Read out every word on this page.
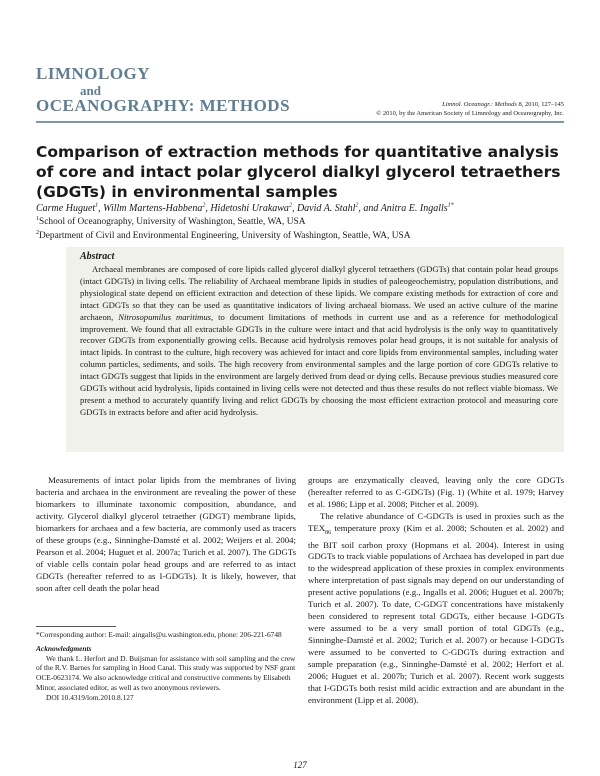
LIMNOLOGY
and
OCEANOGRAPHY: METHODS	Limnol. Oceanogr.: Methods 8, 2010, 127–145
© 2010, by the American Society of Limnology and Oceanography, Inc.
Comparison of extraction methods for quantitative analysis of core and intact polar glycerol dialkyl glycerol tetraethers (GDGTs) in environmental samples
Carme Huguet$^1$, Willm Martens-Habbena$^2$, Hidetoshi Urakawa$^2$, David A. Stahl$^2$, and Anitra E. Ingalls$^{1*}$
$^1$School of Oceanography, University of Washington, Seattle, WA, USA
$^2$Department of Civil and Environmental Engineering, University of Washington, Seattle, WA, USA
Abstract

Archaeal membranes are composed of core lipids called glycerol dialkyl glycerol tetraethers (GDGTs) that contain polar head groups (intact GDGTs) in living cells. The reliability of Archaeal membrane lipids in studies of paleogeochemistry, population distributions, and physiological state depend on efficient extraction and detection of these lipids. We compare existing methods for extraction of core and intact GDGTs so that they can be used as quantitative indicators of living archaeal biomass. We used an active culture of the marine archaeon, Nitrosopumilus maritimus, to document limitations of methods in current use and as a reference for methodological improvement. We found that all extractable GDGTs in the culture were intact and that acid hydrolysis is the only way to quantitatively recover GDGTs from exponentially growing cells. Because acid hydrolysis removes polar head groups, it is not suitable for analysis of intact lipids. In contrast to the culture, high recovery was achieved for intact and core lipids from environmental samples, including water column particles, sediments, and soils. The high recovery from environmental samples and the large portion of core GDGTs relative to intact GDGTs suggest that lipids in the environment are largely derived from dead or dying cells. Because previous studies measured core GDGTs without acid hydrolysis, lipids contained in living cells were not detected and thus these results do not reflect viable biomass. We present a method to accurately quantify living and relict GDGTs by choosing the most efficient extraction protocol and measuring core GDGTs in extracts before and after acid hydrolysis.

Measurements of intact polar lipids from the membranes of living bacteria and archaea in the environment are revealing the power of these biomarkers to illuminate taxonomic composition, abundance, and activity. Glycerol dialkyl glycerol tetraether (GDGT) membrane lipids, biomarkers for archaea and a few bacteria, are commonly used as tracers of these groups (e.g., Sinninghe-Damsté et al. 2002; Weijers et al. 2004; Pearson et al. 2004; Huguet et al. 2007a; Turich et al. 2007). The GDGTs of viable cells contain polar head groups and are referred to as intact GDGTs (hereafter referred to as I-GDGTs). It is likely, however, that soon after cell death the polar head

groups are enzymatically cleaved, leaving only the core GDGTs (hereafter referred to as C-GDGTs) (Fig. 1) (White et al. 1979; Harvey et al. 1986; Lipp et al. 2008; Pitcher et al. 2009).

The relative abundance of C-GDGTs is used in proxies such as the $TEX_{86}$ temperature proxy (Kim et al. 2008; Schouten et al. 2002) and the BIT soil carbon proxy (Hopmans et al. 2004). Interest in using GDGTs to track viable populations of Archaea has developed in part due to the widespread application of these proxies in complex environments where interpretation of past signals may depend on our understanding of present active populations (e.g., Ingalls et al. 2006; Huguet et al. 2007b; Turich et al. 2007). To date, C-GDGT concentrations have mistakenly been considered to represent total GDGTs, either because I-GDGTs were assumed to be a very small portion of total GDGTs (e.g., Sinninghe-Damsté et al. 2002; Turich et al. 2007) or because I-GDGTs were assumed to be converted to C-GDGTs during extraction and sample preparation (e.g., Sinninghe-Damsté et al. 2002; Herfort et al. 2006; Huguet et al. 2007b; Turich et al. 2007). Recent work suggests that I-GDGTs both resist mild acidic extraction and are abundant in the environment (Lipp et al. 2008).

*Corresponding author: E-mail: aingalls@u.washington.edu, phone: 206-221-6748
Acknowledgments
We thank L. Herfort and D. Buijsman for assistance with soil sampling and the crew of the R.V. Barnes for sampling in Hood Canal. This study was supported by NSF grant OCE-0623174. We also acknowledge critical and constructive comments by Elisabeth Minor, associated editor, as well as two anonymous reviewers.
DOI 10.4319/lom.2010.8.127
127
